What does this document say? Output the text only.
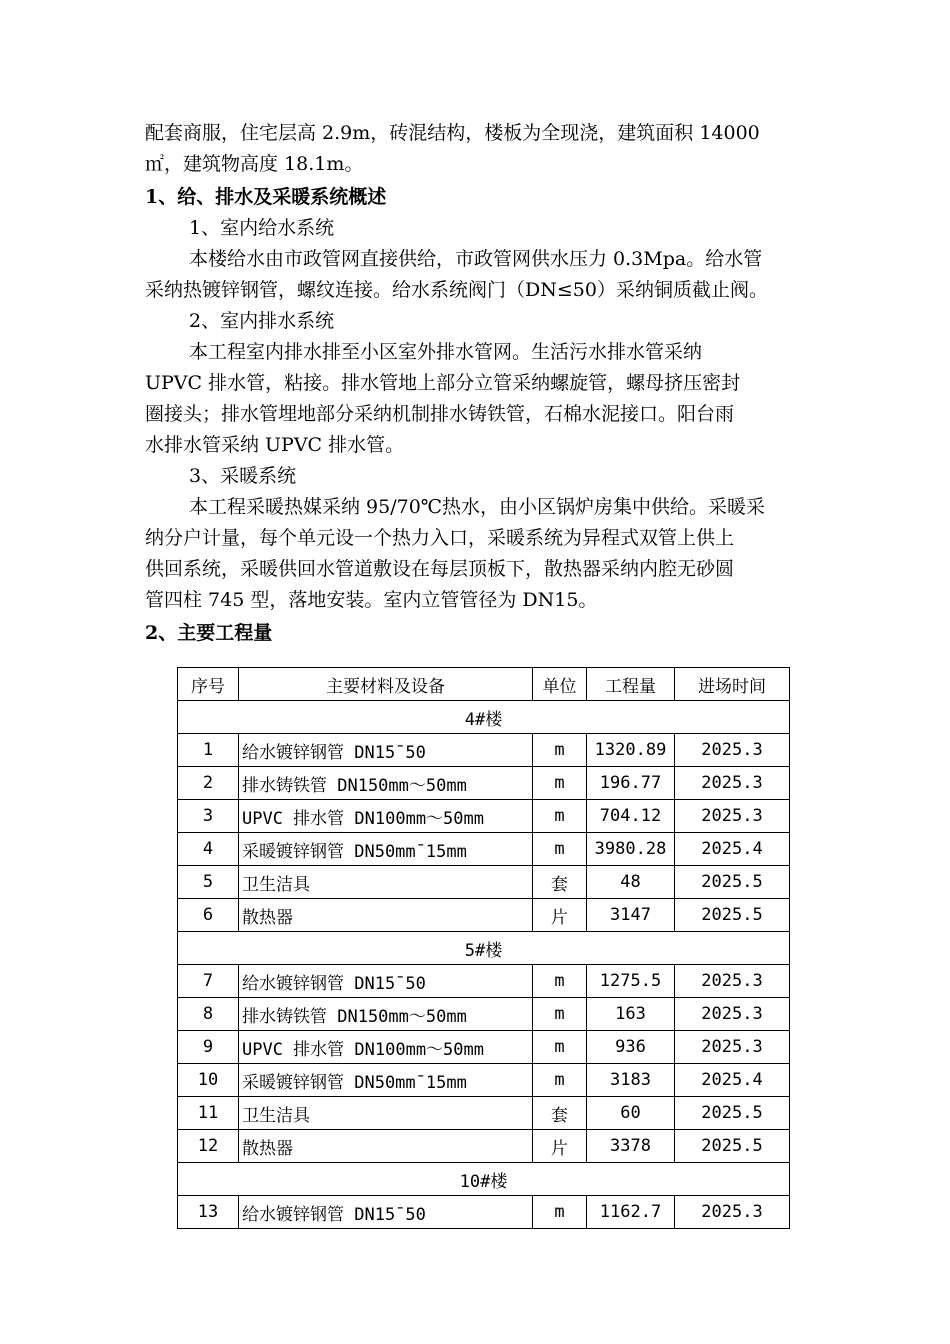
配套商服，住宅层高 2.9m，砖混结构，楼板为全现浇，建筑面积 14000
㎡，建筑物高度 18.1m。
1、给、排水及采暖系统概述
1、室内给水系统
本楼给水由市政管网直接供给，市政管网供水压力 0.3Mpa。给水管
采纳热镀锌钢管，螺纹连接。给水系统阀门（DN≤50）采纳铜质截止阀。
2、室内排水系统
本工程室内排水排至小区室外排水管网。生活污水排水管采纳
UPVC 排水管，粘接。排水管地上部分立管采纳螺旋管，螺母挤压密封
圈接头；排水管埋地部分采纳机制排水铸铁管，石棉水泥接口。阳台雨
水排水管采纳 UPVC 排水管。
3、采暖系统
本工程采暖热媒采纳 95/70℃热水，由小区锅炉房集中供给。采暖采
纳分户计量，每个单元设一个热力入口，采暖系统为异程式双管上供上
供回系统，采暖供回水管道敷设在每层顶板下，散热器采纳内腔无砂圆
管四柱 745 型，落地安装。室内立管管径为 DN15。
2、主要工程量
序号	主要材料及设备	单位	工程量	进场时间
4#楼				
1	给水镀锌钢管 DN15¯50	m	1320.89	2025.3
2	排水铸铁管 DN150mm～50mm	m	196.77	2025.3
3	UPVC 排水管 DN100mm～50mm	m	704.12	2025.3
4	采暖镀锌钢管 DN50mm¯15mm	m	3980.28	2025.4
5	卫生洁具	套	48	2025.5
6	散热器	片	3147	2025.5
5#楼				
7	给水镀锌钢管 DN15¯50	m	1275.5	2025.3
8	排水铸铁管 DN150mm～50mm	m	163	2025.3
9	UPVC 排水管 DN100mm～50mm	m	936	2025.3
10	采暖镀锌钢管 DN50mm¯15mm	m	3183	2025.4
11	卫生洁具	套	60	2025.5
12	散热器	片	3378	2025.5
10#楼				
13	给水镀锌钢管 DN15¯50	m	1162.7	2025.3
